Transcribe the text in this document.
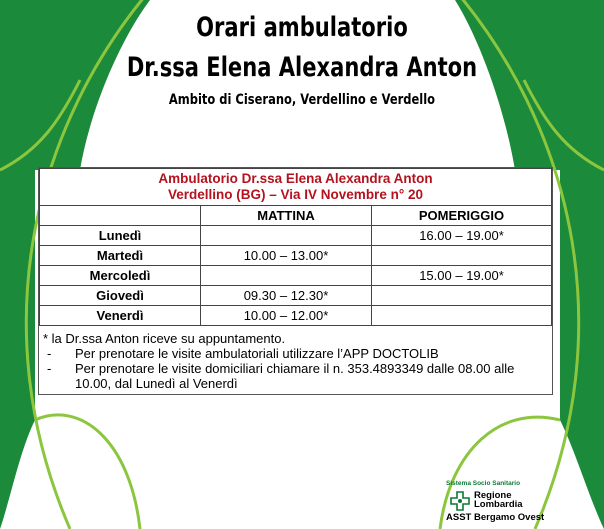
Orari ambulatorio
Dr.ssa Elena Alexandra Anton
Ambito di Ciserano, Verdellino e Verdello
Ambulatorio Dr.ssa Elena Alexandra Anton
Verdellino (BG) – Via IV Novembre n° 20		

	MATTINA	POMERIGGIO
Lunedì		16.00 – 19.00*
Martedì	10.00 – 13.00*	
Mercoledì		15.00 – 19.00*
Giovedì	09.30 – 12.30*	
Venerdì	10.00 – 12.00*	
* la Dr.ssa Anton riceve su appuntamento.
-	Per prenotare le visite ambulatoriali utilizzare l’APP DOCTOLIB
-	Per prenotare le visite domiciliari chiamare il n. 353.4893349 dalle 08.00 alle 10.00, dal Lunedì al Venerdì
Sistema Socio Sanitario
Regione
Lombardia
ASST Bergamo Ovest
